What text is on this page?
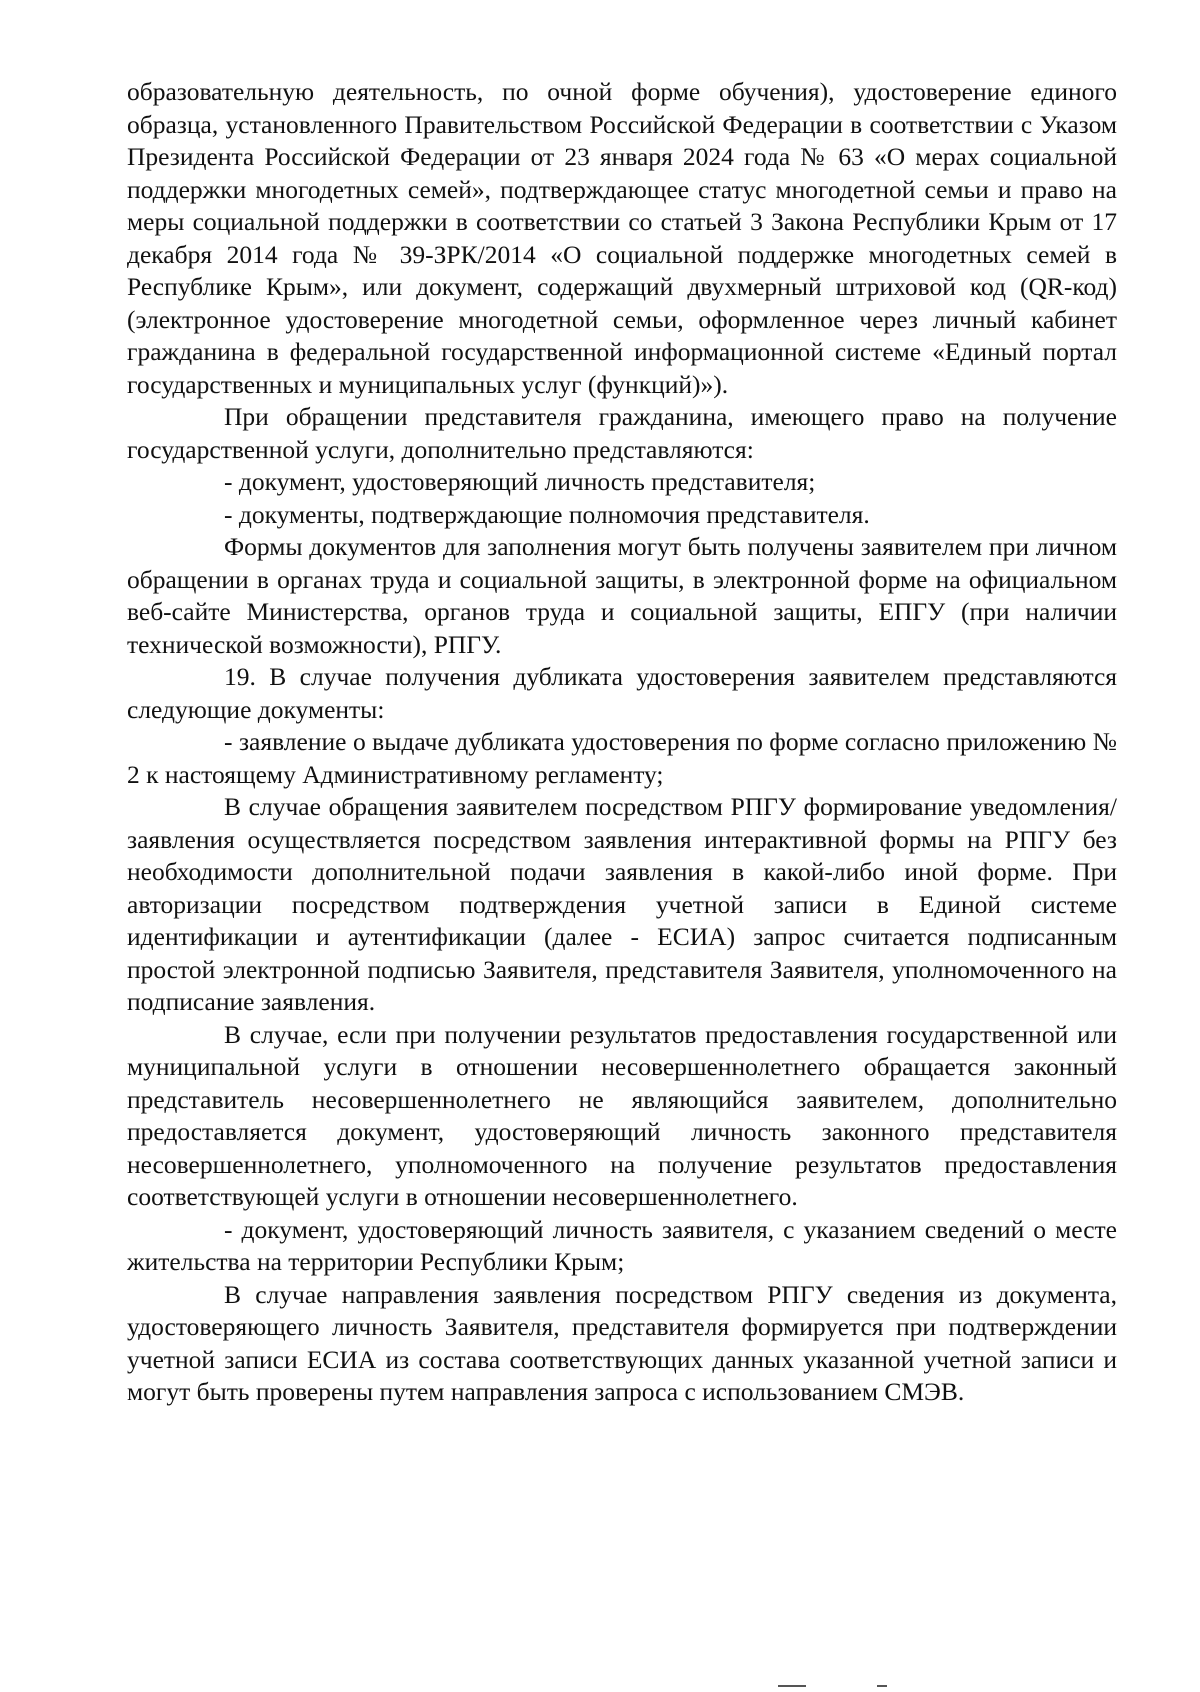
образовательную деятельность, по очной форме обучения), удостоверение единого образца, установленного Правительством Российской Федерации в соответствии с Указом Президента Российской Федерации от 23 января 2024 года № 63 «О мерах социальной поддержки многодетных семей», подтверждающее статус многодетной семьи и право на меры социальной поддержки в соответствии со статьей 3 Закона Республики Крым от 17 декабря 2014 года № 39-ЗРК/2014 «О социальной поддержке многодетных семей в Республике Крым», или документ, содержащий двухмерный штриховой код (QR-код) (электронное удостоверение многодетной семьи, оформленное через личный кабинет гражданина в федеральной государственной информационной системе «Единый портал государственных и муниципальных услуг (функций)»).

При обращении представителя гражданина, имеющего право на получение государственной услуги, дополнительно представляются:

- документ, удостоверяющий личность представителя;

- документы, подтверждающие полномочия представителя.

Формы документов для заполнения могут быть получены заявителем при личном обращении в органах труда и социальной защиты, в электронной форме на официальном веб-сайте Министерства, органов труда и социальной защиты, ЕПГУ (при наличии технической возможности), РПГУ.

19. В случае получения дубликата удостоверения заявителем представляются следующие документы:

- заявление о выдаче дубликата удостоверения по форме согласно приложению № 2 к настоящему Административному регламенту;

В случае обращения заявителем посредством РПГУ формирование уведомления/заявления осуществляется посредством заявления интерактивной формы на РПГУ без необходимости дополнительной подачи заявления в какой-либо иной форме. При авторизации посредством подтверждения учетной записи в Единой системе идентификации и аутентификации (далее - ЕСИА) запрос считается подписанным простой электронной подписью Заявителя, представителя Заявителя, уполномоченного на подписание заявления.

В случае, если при получении результатов предоставления государственной или муниципальной услуги в отношении несовершеннолетнего обращается законный представитель несовершеннолетнего не являющийся заявителем, дополнительно предоставляется документ, удостоверяющий личность законного представителя несовершеннолетнего, уполномоченного на получение результатов предоставления соответствующей услуги в отношении несовершеннолетнего.

- документ, удостоверяющий личность заявителя, с указанием сведений о месте жительства на территории Республики Крым;

В случае направления заявления посредством РПГУ сведения из документа, удостоверяющего личность Заявителя, представителя формируется при подтверждении учетной записи ЕСИА из состава соответствующих данных указанной учетной записи и могут быть проверены путем направления запроса с использованием СМЭВ.
